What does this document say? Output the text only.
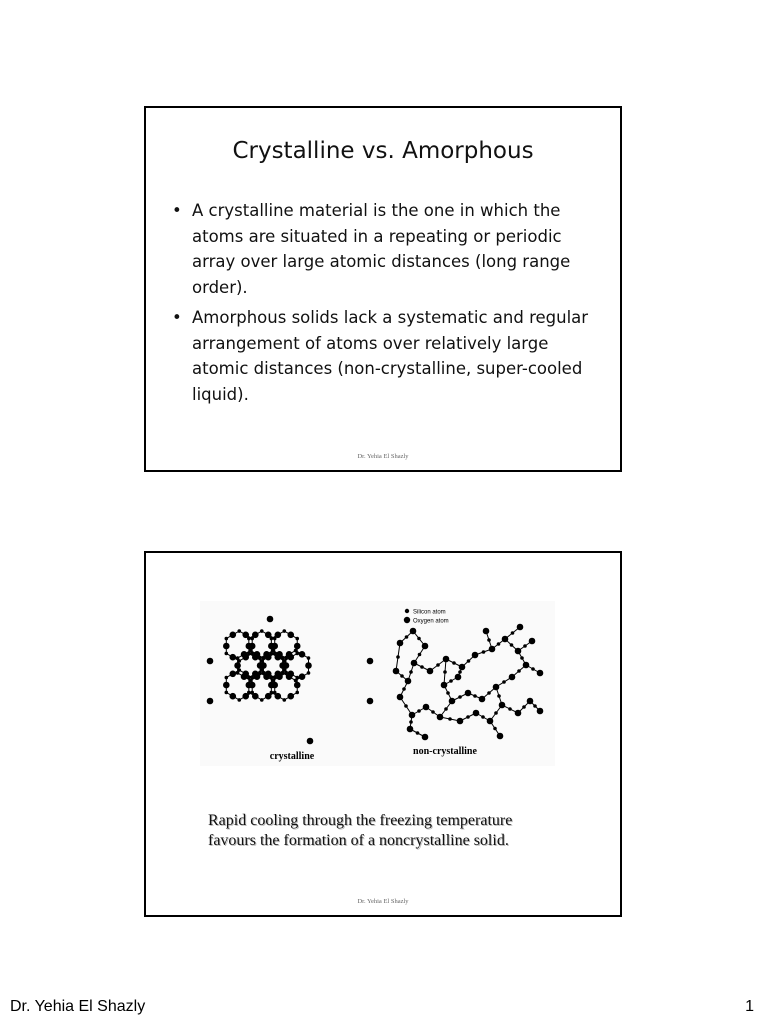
Crystalline vs. Amorphous
• A crystalline material is the one in which the atoms are situated in a repeating or periodic array over large atomic distances (long range order).
• Amorphous solids lack a systematic and regular arrangement of atoms over relatively large atomic distances (non-crystalline, super-cooled liquid).
Dr. Yehia El Shazly
Silicon atom
Oxygen atom
crystalline	non-crystalline
Rapid cooling through the freezing temperature
favours the formation of a noncrystalline solid.
Dr. Yehia El Shazly
Dr. Yehia El Shazly	1
